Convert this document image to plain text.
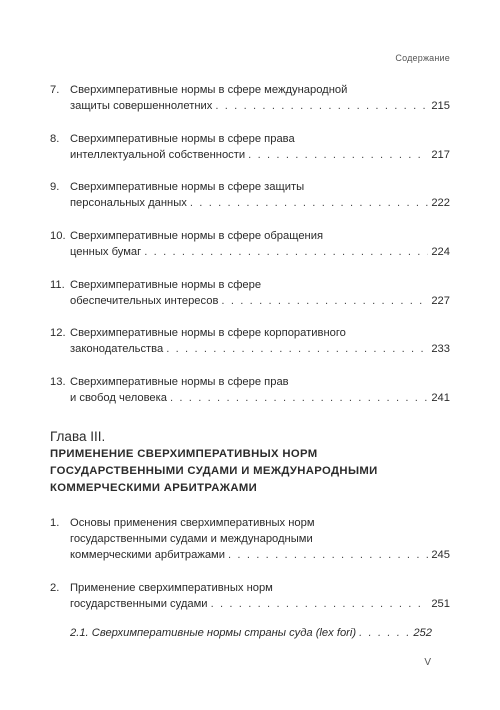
Содержание
7. Сверхимперативные нормы в сфере международной
защиты совершеннолетних . . .	215
8. Сверхимперативные нормы в сфере права
интеллектуальной собственности . . .	217
9. Сверхимперативные нормы в сфере защиты
персональных данных . . .	222
10. Сверхимперативные нормы в сфере обращения
ценных бумаг . . .	224
11. Сверхимперативные нормы в сфере
обеспечительных интересов . . .	227
12. Сверхимперативные нормы в сфере корпоративного
законодательства . . .	233
13. Сверхимперативные нормы в сфере прав
и свобод человека . . .	241
Глава III.
ПРИМЕНЕНИЕ СВЕРХИМПЕРАТИВНЫХ НОРМ
ГОСУДАРСТВЕННЫМИ СУДАМИ И МЕЖДУНАРОДНЫМИ
КОММЕРЧЕСКИМИ АРБИТРАЖАМИ
1. Основы применения сверхимперативных норм
государственными судами и международными
коммерческими арбитражами . . .	245
2. Применение сверхимперативных норм
государственными судами . . .	251
2.1. Сверхимперативные нормы страны суда (lex fori) . . .	252
V
